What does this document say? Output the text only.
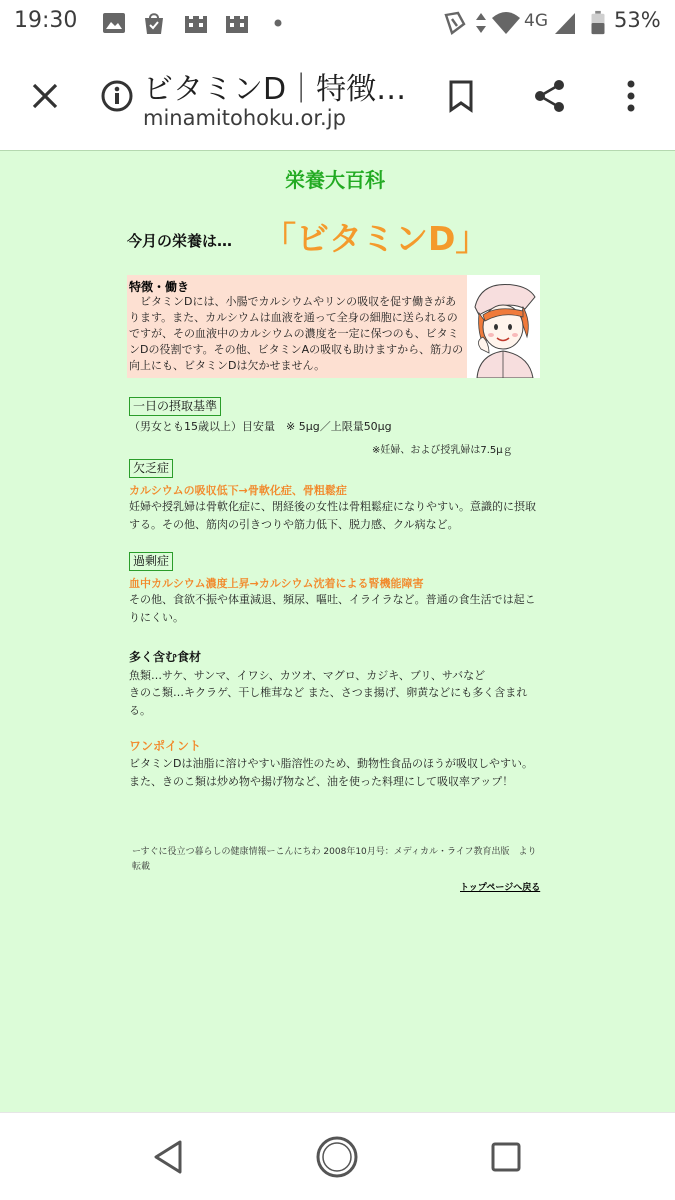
19:30	4G	53%
ビタミンD｜特徴…
minamitohoku.or.jp
栄養大百科
今月の栄養は… 「ビタミンD」
特徴・働き
ビタミンDには、小腸でカルシウムやリンの吸収を促す働きがあります。また、カルシウムは血液を通って全身の細胞に送られるのですが、その血液中のカルシウムの濃度を一定に保つのも、ビタミンDの役割です。その他、ビタミンAの吸収も助けますから、筋力の向上にも、ビタミンDは欠かせません。
一日の摂取基準
（男女とも15歳以上）目安量　※ 5μg／上限量50μg
※妊婦、および授乳婦は7.5μｇ
欠乏症
カルシウムの吸収低下→骨軟化症、骨粗鬆症
妊婦や授乳婦は骨軟化症に、閉経後の女性は骨粗鬆症になりやすい。意識的に摂取する。その他、筋肉の引きつりや筋力低下、脱力感、クル病など。
過剰症
血中カルシウム濃度上昇→カルシウム沈着による腎機能障害
その他、食欲不振や体重減退、頻尿、嘔吐、イライラなど。普通の食生活では起こりにくい。
多く含む食材
魚類…サケ、サンマ、イワシ、カツオ、マグロ、カジキ、ブリ、サバなど
きのこ類…キクラゲ、干し椎茸など また、さつま揚げ、卵黄などにも多く含まれる。
ワンポイント
ビタミンDは油脂に溶けやすい脂溶性のため、動物性食品のほうが吸収しやすい。また、きのこ類は炒め物や揚げ物など、油を使った料理にして吸収率アップ！
ーすぐに役立つ暮らしの健康情報ーこんにちわ 2008年10月号：メディカル・ライフ教育出版　より転載
トップページへ戻る
